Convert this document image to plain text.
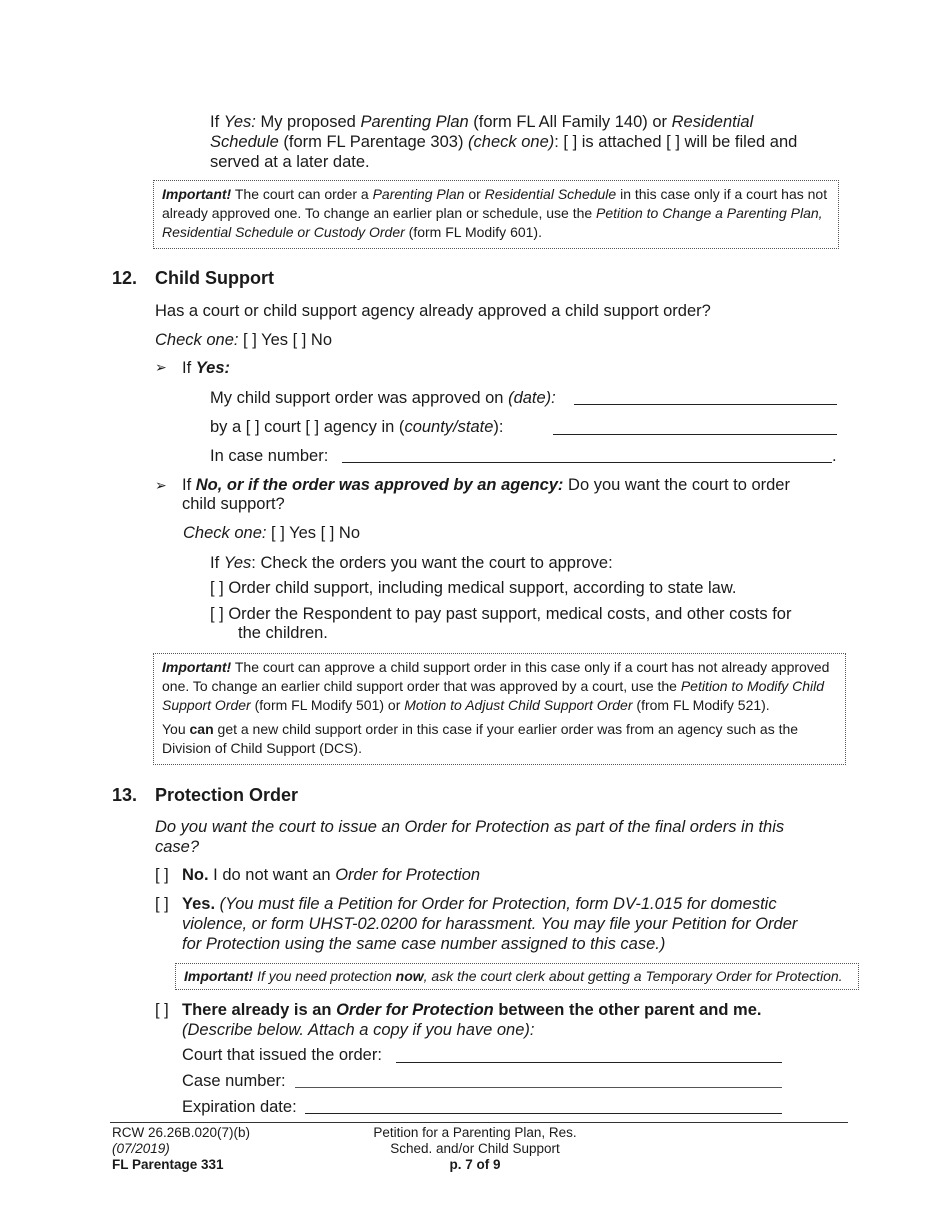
If Yes: My proposed Parenting Plan (form FL All Family 140) or Residential
Schedule (form FL Parentage 303) (check one): [ ] is attached [ ] will be filed and
served at a later date.
Important! The court can order a Parenting Plan or Residential Schedule in this case only if a court has not already approved one. To change an earlier plan or schedule, use the Petition to Change a Parenting Plan, Residential Schedule or Custody Order (form FL Modify 601).
12. Child Support
Has a court or child support agency already approved a child support order?
Check one: [ ] Yes [ ] No
➢ If Yes:
My child support order was approved on (date):
by a [ ] court [ ] agency in (county/state):
In case number:	.
➢ If No, or if the order was approved by an agency: Do you want the court to order
child support?
Check one: [ ] Yes [ ] No
If Yes: Check the orders you want the court to approve:
[ ] Order child support, including medical support, according to state law.
[ ] Order the Respondent to pay past support, medical costs, and other costs for
the children.
Important! The court can approve a child support order in this case only if a court has not already approved one. To change an earlier child support order that was approved by a court, use the Petition to Modify Child Support Order (form FL Modify 501) or Motion to Adjust Child Support Order (from FL Modify 521).
You can get a new child support order in this case if your earlier order was from an agency such as the Division of Child Support (DCS).
13. Protection Order
Do you want the court to issue an Order for Protection as part of the final orders in this
case?
[ ] No. I do not want an Order for Protection
[ ] Yes. (You must file a Petition for Order for Protection, form DV-1.015 for domestic
violence, or form UHST-02.0200 for harassment. You may file your Petition for Order
for Protection using the same case number assigned to this case.)
Important! If you need protection now, ask the court clerk about getting a Temporary Order for Protection.
[ ] There already is an Order for Protection between the other parent and me.
(Describe below. Attach a copy if you have one):
Court that issued the order:
Case number:
Expiration date:
RCW 26.26B.020(7)(b)
(07/2019)
FL Parentage 331
Petition for a Parenting Plan, Res.
Sched. and/or Child Support
p. 7 of 9
